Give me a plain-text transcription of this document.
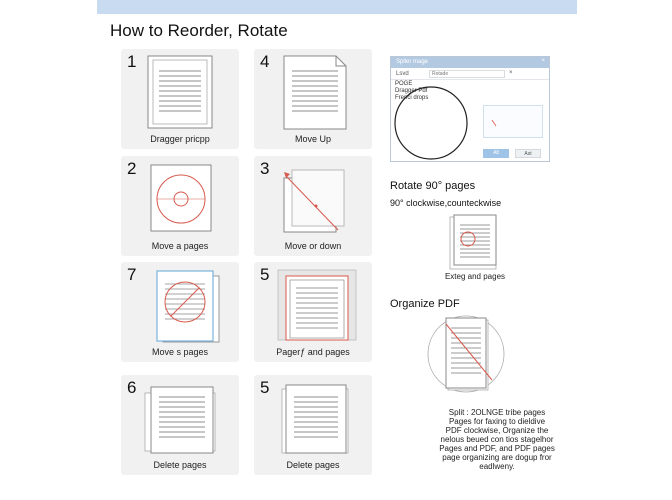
How to Reorder, Rotate
1
Dragger pricpp
4
Move Up
2
Move a pages
3
Move or down
7
Move s pages
5
Pagerƒ and pages
6
Delete pages
5
Delete pages
Spller mage	×
Lsvd	Rotade	×
POGE
Dragger Pdf
Frenci drops
Alt	Ast
Rotate 90° pages
90° clockwise,counteckwise
Exteg and pages
Organize PDF
Split : 2OLNGE tribe pages
Pages for faxing to dieldive
PDF clockwise, Organize the
nelous beued con tios stagelhor
Pages and PDF, and PDF pages
page organizing are dogup fror
eadlweny.
